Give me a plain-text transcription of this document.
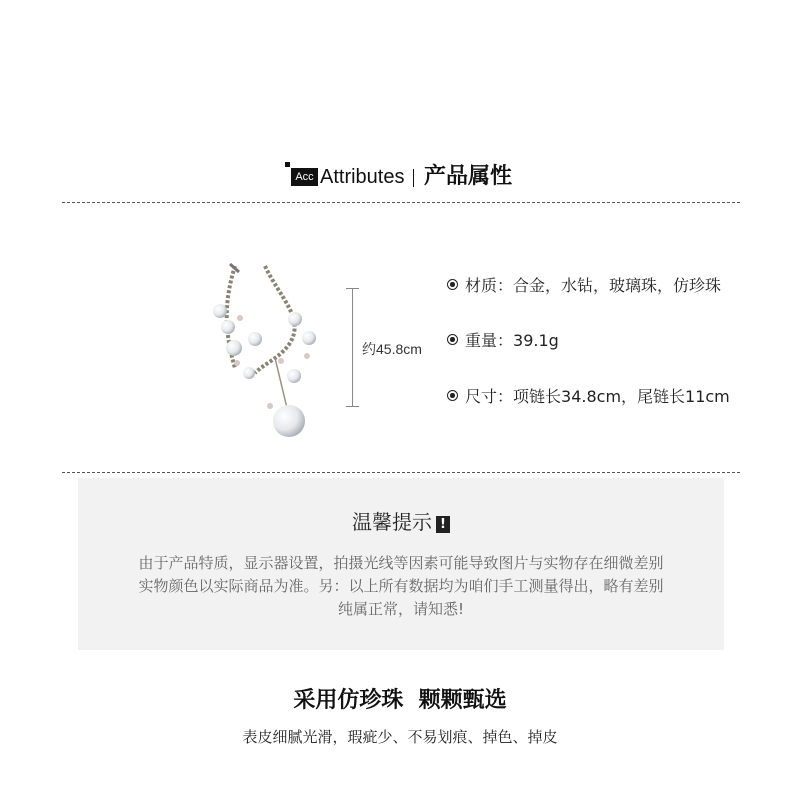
Acc Attributes 产品属性
约45.8cm
材质：合金，水钻，玻璃珠，仿珍珠
重量：39.1g
尺寸：项链长34.8cm，尾链长11cm
温馨提示 !
由于产品特质，显示器设置，拍摄光线等因素可能导致图片与实物存在细微差别
实物颜色以实际商品为准。另：以上所有数据均为咱们手工测量得出，略有差别
纯属正常，请知悉!
采用仿珍珠  颗颗甄选
表皮细腻光滑，瑕疵少、不易划痕、掉色、掉皮
